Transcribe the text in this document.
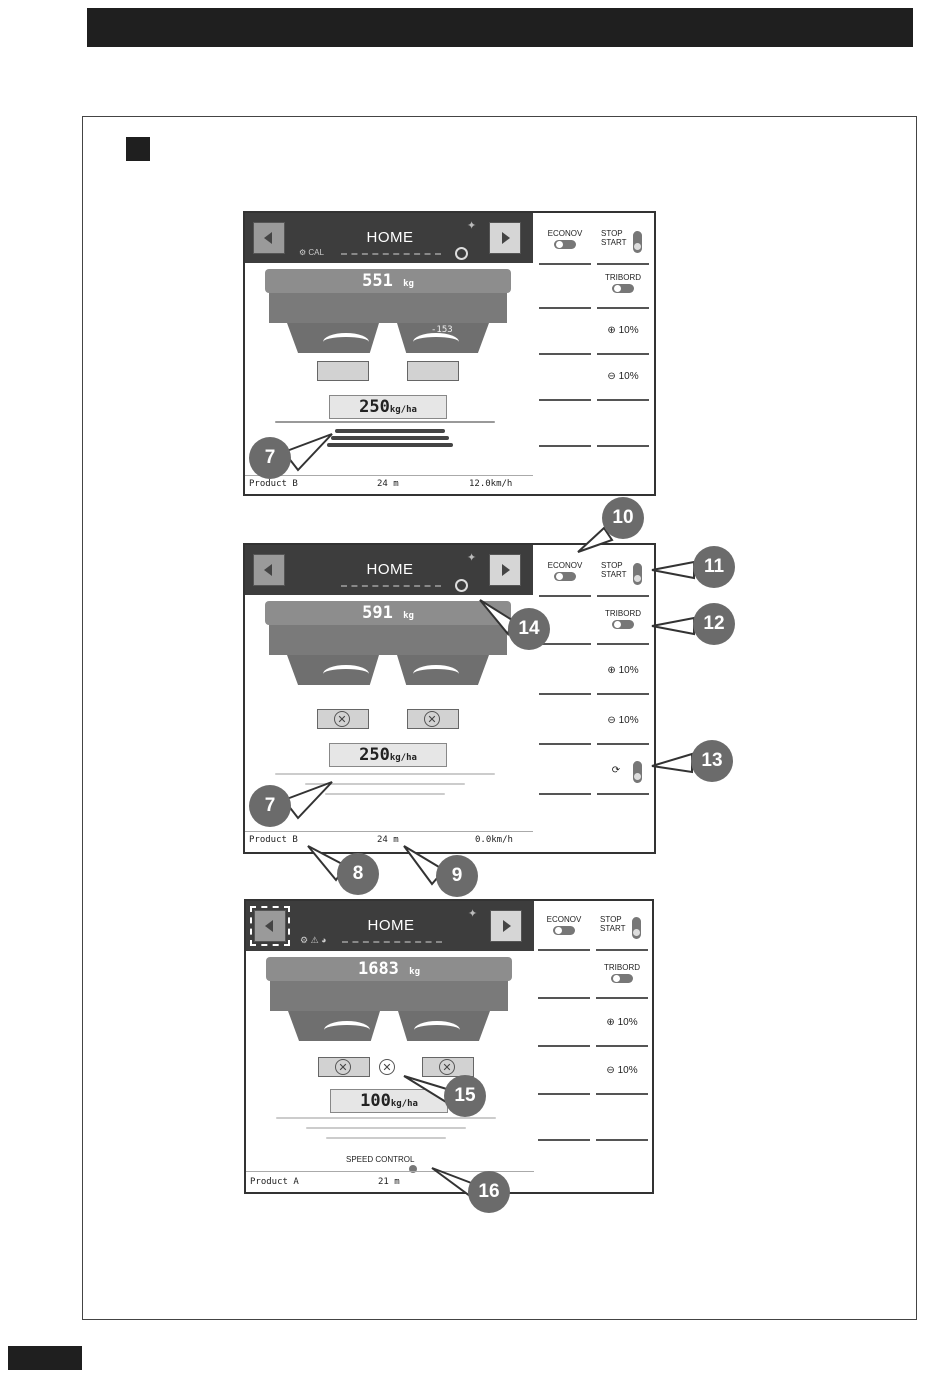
HOME
⚙ CAL
✦
551 kg
-153
250kg/ha
Product B	24 m	12.0km/h
ECONOV	STOP
START
TRIBORD
⊕ 10%
⊖ 10%
HOME
✦
591 kg
✕	✕
250kg/ha
Product B	24 m	0.0km/h
ECONOV	STOP
START
TRIBORD
⊕ 10%
⊖ 10%
⟳
HOME
⚙ ⚠ ◕
✦
1683 kg
✕	✕	✕
100kg/ha
SPEED CONTROL
Product A	21 m
ECONOV	STOP
START
TRIBORD
⊕ 10%
⊖ 10%
7
7
8	9
10
11
12
13
14
15
16
